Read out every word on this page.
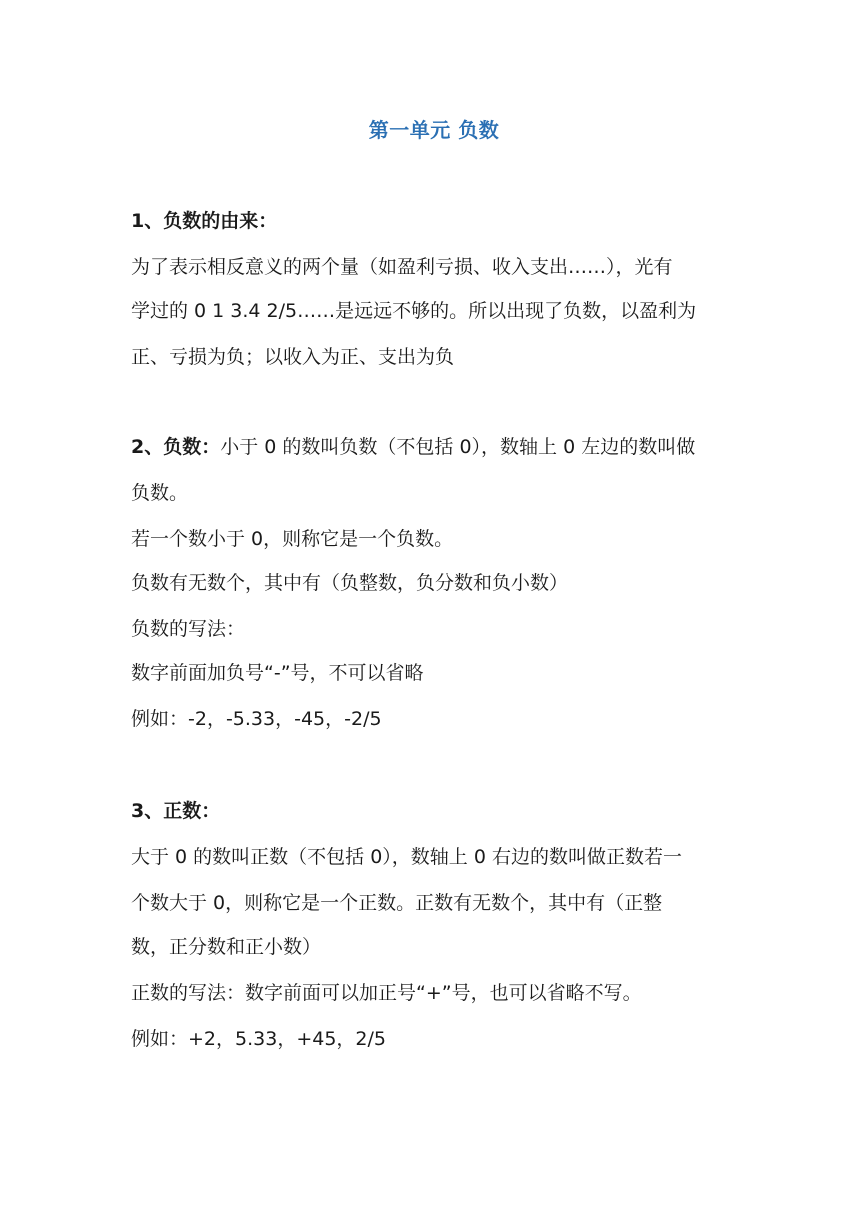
第一单元 负数
1、负数的由来：
为了表示相反意义的两个量（如盈利亏损、收入支出……），光有
学过的 0 1 3.4 2/5……是远远不够的。所以出现了负数，以盈利为
正、亏损为负；以收入为正、支出为负
2、负数：小于 0 的数叫负数（不包括 0），数轴上 0 左边的数叫做
负数。
若一个数小于 0，则称它是一个负数。
负数有无数个，其中有（负整数，负分数和负小数）
负数的写法：
数字前面加负号“-”号，不可以省略
例如：-2，-5.33，-45，-2/5
3、正数：
大于 0 的数叫正数（不包括 0），数轴上 0 右边的数叫做正数若一
个数大于 0，则称它是一个正数。正数有无数个，其中有（正整
数，正分数和正小数）
正数的写法：数字前面可以加正号“+”号，也可以省略不写。
例如：+2，5.33，+45，2/5
